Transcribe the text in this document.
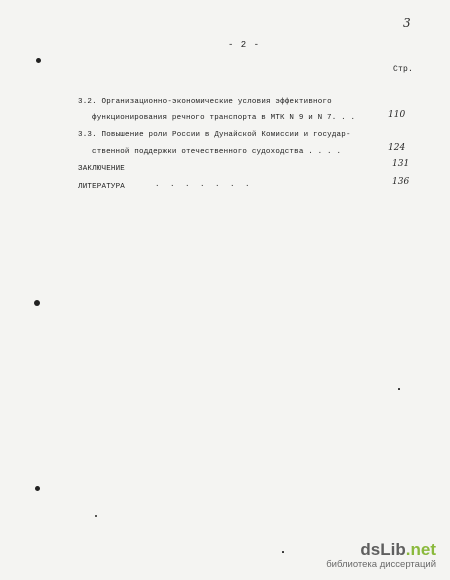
3
- 2 -
Стр.
3.2. Организационно-экономические условия эффективного
функционирования речного транспорта в МТК N 9 и N 7. . .	110
3.3. Повышение роли России в Дунайской Комиссии и государ-
ственной поддержки отечественного судоходства . . . .	124
ЗАКЛЮЧЕНИЕ	131
ЛИТЕРАТУРА	. . . . . . .	136
dsLib.net
библиотека диссертаций
